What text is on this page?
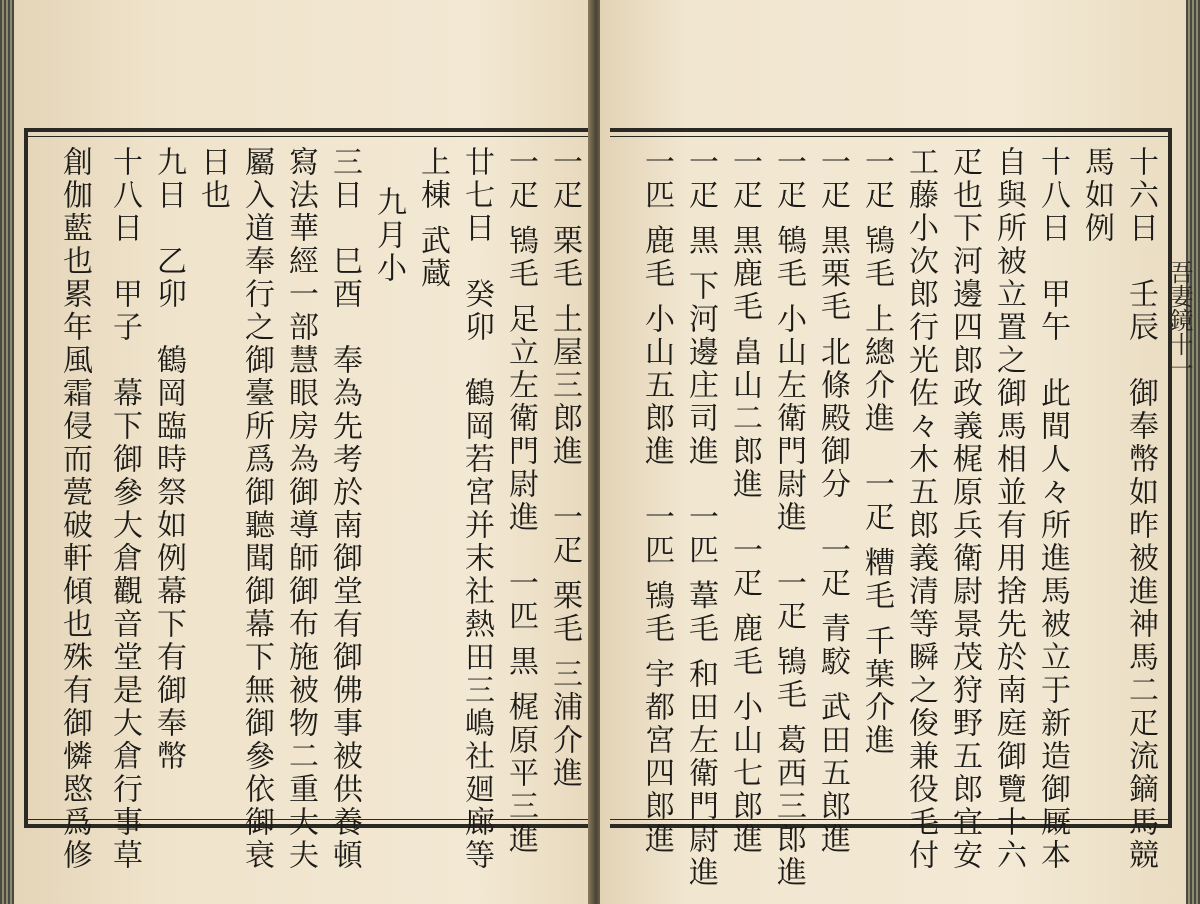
一疋 栗毛 土屋三郎進　一疋 栗毛 三浦介進
一疋 鴇毛 足立左衛門尉進　一匹 黒 梶原平三進
廿七日　癸卯　鶴岡若宮并末社熱田三嶋社廻廊等
上棟 武蔵
九月小
三日　巳酉　奉為先考於南御堂有御佛事被供養頓
寫法華經一部慧眼房為御導師御布施被物二重大夫
屬入道奉行之御臺所爲御聽聞御幕下無御參依御衰
日也
九日　乙卯　鶴岡臨時祭如例幕下有御奉幣
十八日　甲子　幕下御參大倉觀音堂是大倉行事草
創伽藍也累年風霜侵而甍破軒傾也殊有御憐愍爲修	十六日　壬辰　御奉幣如昨被進神馬二疋流鏑馬競
馬如例
十八日　甲午　此間人々所進馬被立于新造御厩本
自與所被立置之御馬相並有用捨先於南庭御覽十六
疋也下河邊四郎政義梶原兵衛尉景茂狩野五郎宜安
工藤小次郎行光佐々木五郎義清等瞬之俊兼役毛付
一疋 鴇毛 上總介進　一疋 糟毛 千葉介進
一疋 黒栗毛 北條殿御分　一疋 青駮 武田五郎進
一疋 鵇毛 小山左衛門尉進　一疋 鴇毛 葛西三郎進
一疋 黒鹿毛 畠山二郎進　一疋 鹿毛 小山七郎進
一疋 黒 下河邊庄司進　一匹 葦毛 和田左衛門尉進
一匹 鹿毛 小山五郎進　一匹 鴇毛 宇都宮四郎進	吾妻鏡十一
